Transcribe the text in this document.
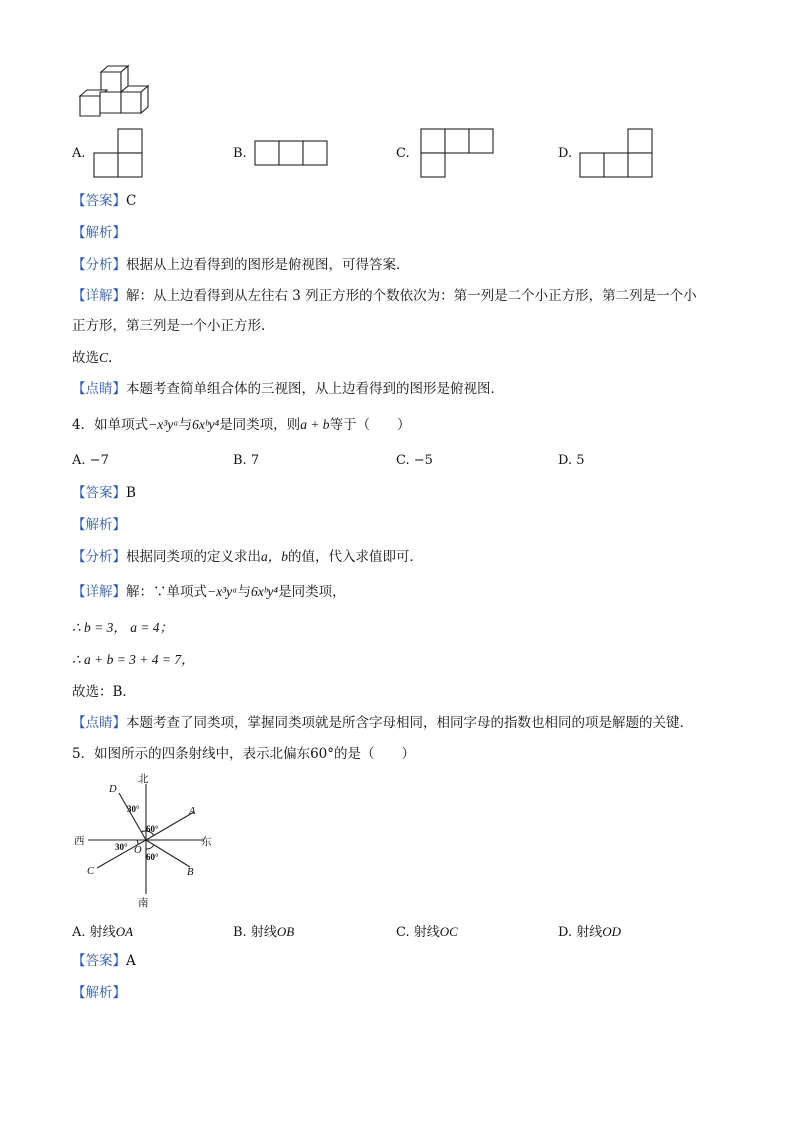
A.	B.	C.	D.
【答案】C
【解析】
【分析】根据从上边看得到的图形是俯视图，可得答案．
【详解】解：从上边看得到从左往右 3 列正方形的个数依次为：第一列是二个小正方形，第二列是一个小
正方形，第三列是一个小正方形.
故选C.
【点睛】本题考查简单组合体的三视图，从上边看得到的图形是俯视图．
4．如单项式−x³yᵃ与6xᵇy⁴是同类项，则a + b等于（　　）
A. −7	B. 7	C. −5	D. 5
【答案】B
【解析】
【分析】根据同类项的定义求出a，b的值，代入求值即可．
【详解】解：∵单项式−x³yᵃ与6xᵇy⁴是同类项，
∴ b = 3， a = 4；
∴ a + b = 3 + 4 = 7，
故选：B．
【点睛】本题考查了同类项，掌握同类项就是所含字母相同，相同字母的指数也相同的项是解题的关键．
5．如图所示的四条射线中，表示北偏东60°的是（　　）
北
南
西	东
D
A
C	B
O
30°
60°
30°
60°
A. 射线OA	B. 射线OB	C. 射线OC	D. 射线OD
【答案】A
【解析】
